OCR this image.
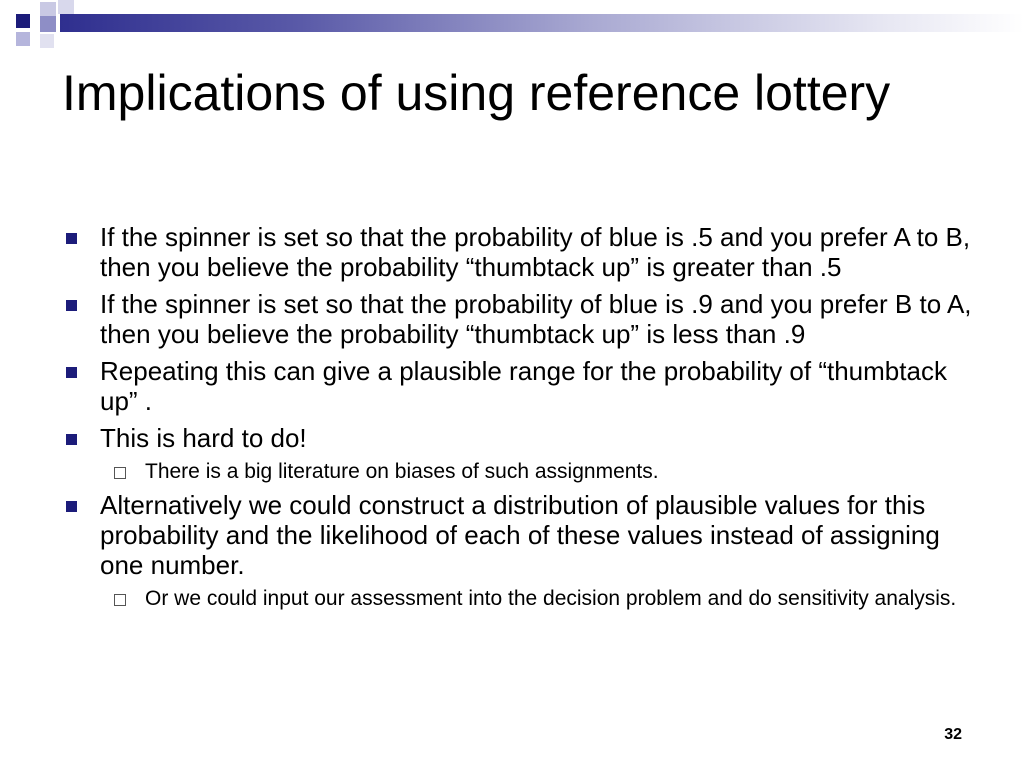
Implications of using reference lottery
If the spinner is set so that the probability of blue is .5 and you prefer A to B, then you believe the probability “thumbtack up” is greater than .5
If the spinner is set so that the probability of blue is .9 and you prefer B to A, then you believe the probability “thumbtack up” is less than .9
Repeating this can give a plausible range for the probability of “thumbtack up” .
This is hard to do!
There is a big literature on biases of such assignments.
Alternatively we could construct a distribution of plausible values for this probability and the likelihood of each of these values instead of assigning one number.
Or we could input our assessment into the decision problem and do sensitivity analysis.
32
